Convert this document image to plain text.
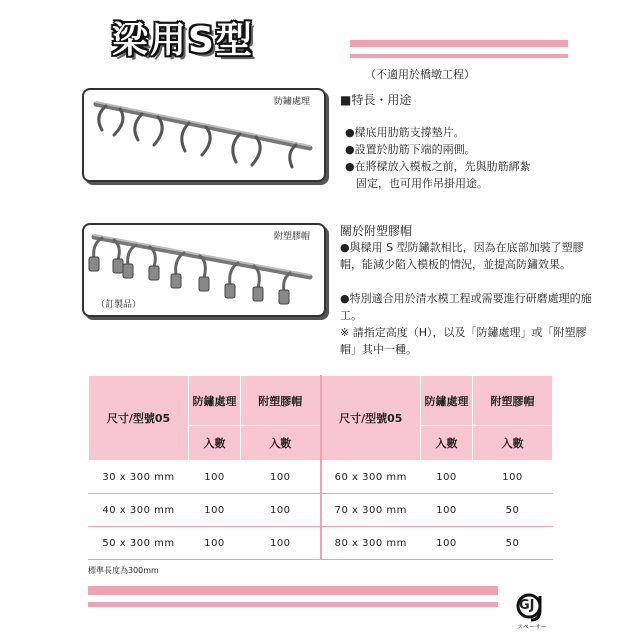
梁用S型
（不適用於橋墩工程）
防鏽處理 ■特長・用途
●樑底用肋筋支撐墊片。
●設置於肋筋下端的兩側。
●在將樑放入模板之前，先與肋筋綁紮
　固定，也可用作吊掛用途。
附塑膠帽
（訂製品）
關於附塑膠帽
●與樑用 S 型防鏽款相比，因為在底部加裝了塑膠帽，能減少陷入模板的情況，並提高防鏽效果。
●特別適合用於清水模工程或需要進行研磨處理的施工。
※ 請指定高度（H），以及「防鏽處理」或「附塑膠帽」其中一種。
尺寸/型號05	防鏽處理	附塑膠帽	尺寸/型號05	防鏽處理	附塑膠帽
	入數	入數		入數	入數
30 x 300 mm	100	100	60 x 300 mm	100	100
40 x 300 mm	100	100	70 x 300 mm	100	50
50 x 300 mm	100	100	80 x 300 mm	100	50
標準長度為300mm
GJ
スペーサー
